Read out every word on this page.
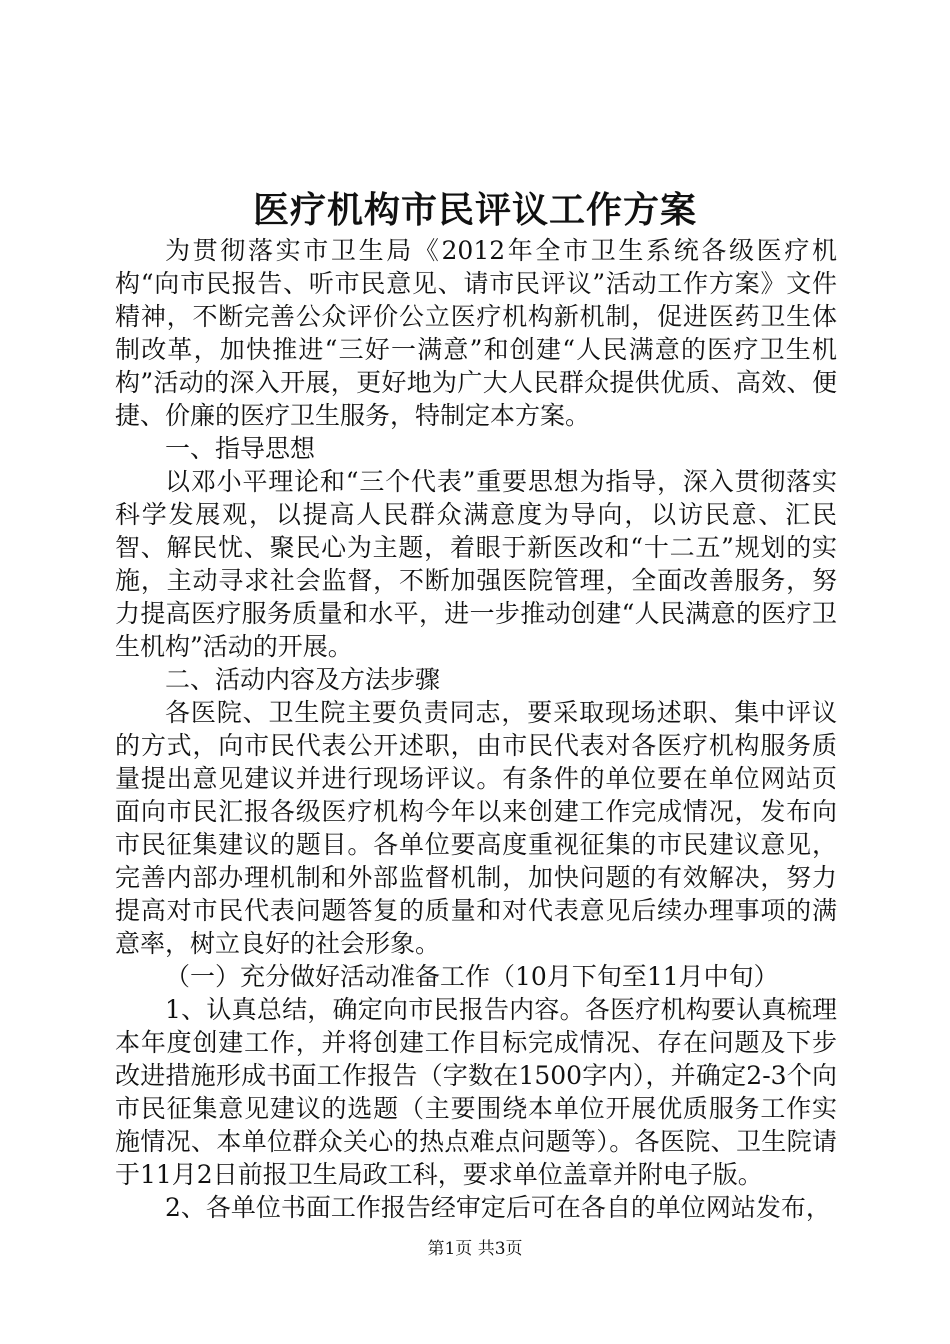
医疗机构市民评议工作方案

为贯彻落实市卫生局《2012年全市卫生系统各级医疗机构“向市民报告、听市民意见、请市民评议”活动工作方案》文件精神，不断完善公众评价公立医疗机构新机制，促进医药卫生体制改革，加快推进“三好一满意”和创建“人民满意的医疗卫生机构”活动的深入开展，更好地为广大人民群众提供优质、高效、便捷、价廉的医疗卫生服务，特制定本方案。

一、指导思想

以邓小平理论和“三个代表”重要思想为指导，深入贯彻落实科学发展观，以提高人民群众满意度为导向，以访民意、汇民智、解民忧、聚民心为主题，着眼于新医改和“十二五”规划的实施，主动寻求社会监督，不断加强医院管理，全面改善服务，努力提高医疗服务质量和水平，进一步推动创建“人民满意的医疗卫生机构”活动的开展。

二、活动内容及方法步骤

各医院、卫生院主要负责同志，要采取现场述职、集中评议的方式，向市民代表公开述职，由市民代表对各医疗机构服务质量提出意见建议并进行现场评议。有条件的单位要在单位网站页面向市民汇报各级医疗机构今年以来创建工作完成情况，发布向市民征集建议的题目。各单位要高度重视征集的市民建议意见，完善内部办理机制和外部监督机制，加快问题的有效解决，努力提高对市民代表问题答复的质量和对代表意见后续办理事项的满意率，树立良好的社会形象。

（一）充分做好活动准备工作（10月下旬至11月中旬）

1、认真总结，确定向市民报告内容。各医疗机构要认真梳理本年度创建工作，并将创建工作目标完成情况、存在问题及下步改进措施形成书面工作报告（字数在1500字内），并确定2-3个向市民征集意见建议的选题（主要围绕本单位开展优质服务工作实施情况、本单位群众关心的热点难点问题等）。各医院、卫生院请于11月2日前报卫生局政工科，要求单位盖章并附电子版。

2、各单位书面工作报告经审定后可在各自的单位网站发布，

第1页 共3页
